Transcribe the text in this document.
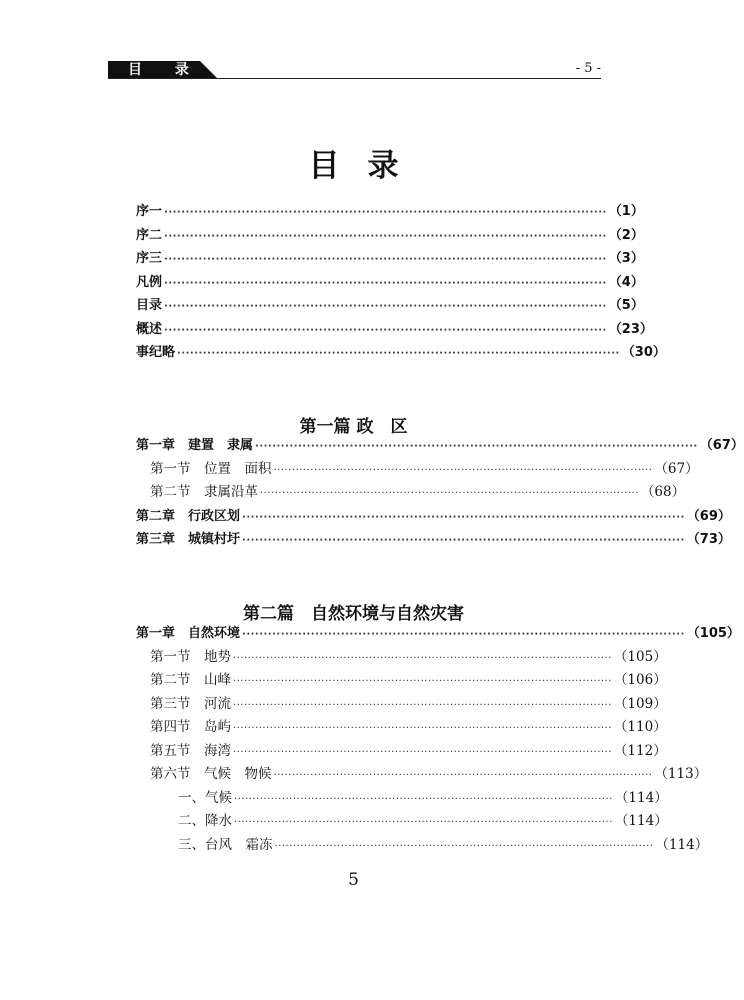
目 录	- 5 -
目录
序一 ······································································································· （1）
序二 ······································································································· （2）
序三 ······································································································· （3）
凡例 ······································································································· （4）
目录 ······································································································· （5）
概述 ······································································································· （23）
事纪略 ······································································································· （30）
第一篇 政　区
第一章　建置　隶属 ······································································································· （67）
第一节　位置　面积 ······································································································· （67）
第二节　隶属沿革 ······································································································· （68）
第二章　行政区划 ······································································································· （69）
第三章　城镇村圩 ······································································································· （73）
第二篇　自然环境与自然灾害
第一章　自然环境 ······································································································· （105）
第一节　地势 ······································································································· （105）
第二节　山峰 ······································································································· （106）
第三节　河流 ······································································································· （109）
第四节　岛屿 ······································································································· （110）
第五节　海湾 ······································································································· （112）
第六节　气候　物候 ······································································································· （113）
一、气候 ······································································································· （114）
二、降水 ······································································································· （114）
三、台风　霜冻 ······································································································· （114）
5
